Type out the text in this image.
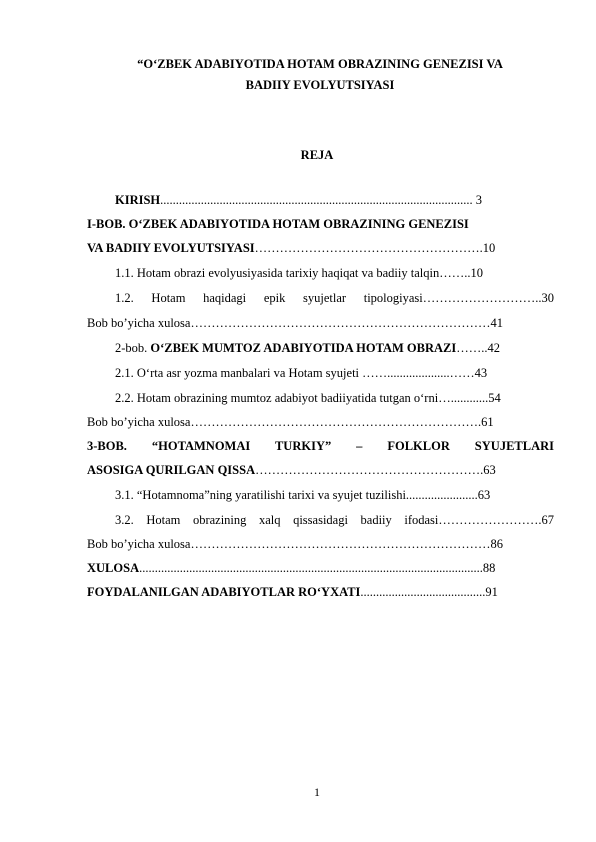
“O‘ZBEK ADABIYOTIDA HOTAM OBRAZINING GENEZISI VA
BADIIY EVOLYUTSIYASI
REJA
KIRISH.................................................................................................... 3
I-BOB. O‘ZBEK ADABIYOTIDA HOTAM OBRAZINING GENEZISI
VA BADIIY EVOLYUTSIYASI……………………………………………….10
1.1. Hotam obrazi evolyusiyasida tarixiy haqiqat va badiiy talqin……..10
1.2. Hotam haqidagi epik syujetlar tipologiyasi………………………..30
Bob bo’yicha xulosa………………………………………………………………41
2-bob. O‘ZBEK MUMTOZ ADABIYOTIDA HOTAM OBRAZI……..42
2.1. O‘rta asr yozma manbalari va Hotam syujeti ……....................……43
2.2. Hotam obrazining mumtoz adabiyot badiiyatida tutgan o‘rni…............54
Bob bo’yicha xulosa…………………………………………………………….61
3-BOB. “HOTAMNOMAI TURKIY” – FOLKLOR SYUJETLARI
ASOSIGA QURILGAN QISSA……………………………………………….63
3.1. “Hotamnoma”ning yaratilishi tarixi va syujet tuzilishi.......................63
3.2. Hotam obrazining xalq qissasidagi badiiy ifodasi…………………….67
Bob bo’yicha xulosa………………………………………………………………86
XULOSA..............................................................................................................88
FOYDALANILGAN ADABIYOTLAR RO‘YXATI........................................91
1
